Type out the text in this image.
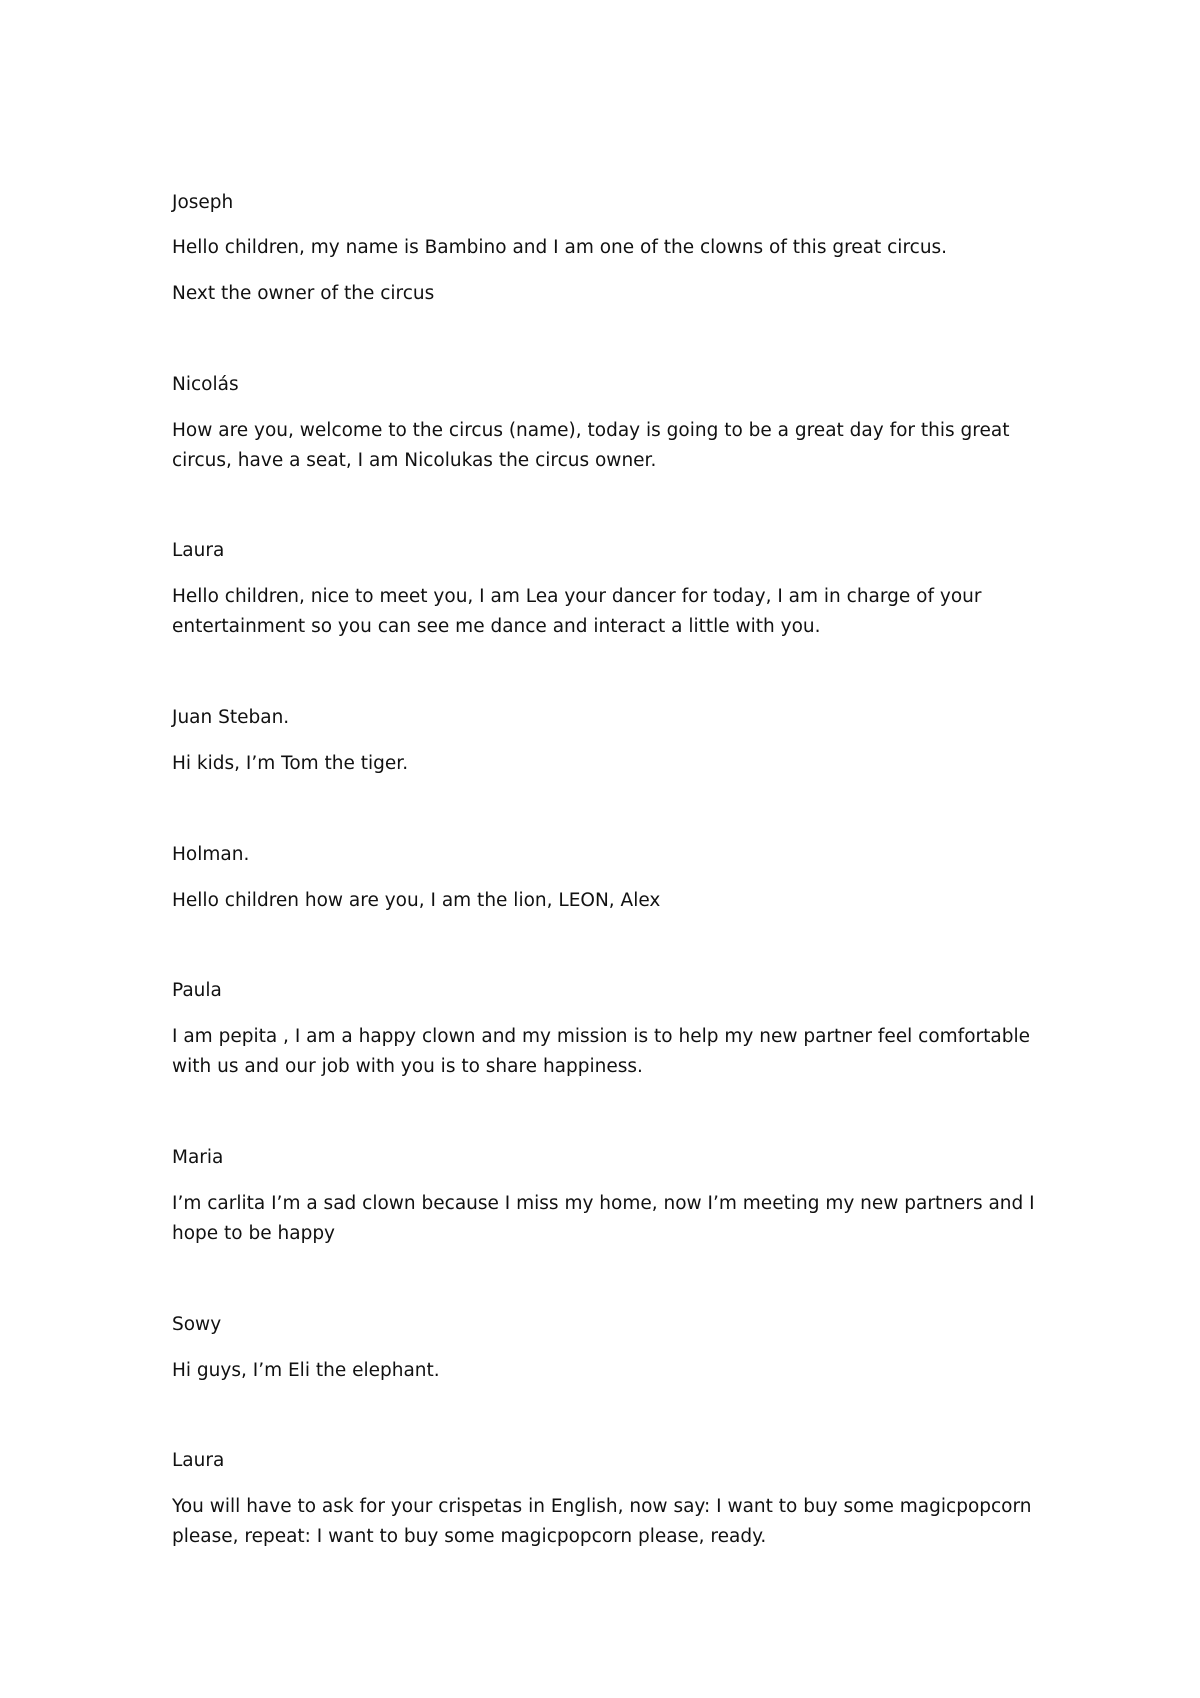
Joseph

Hello children, my name is Bambino and I am one of the clowns of this great circus.

Next the owner of the circus

Nicolás

How are you, welcome to the circus (name), today is going to be a great day for this great

circus, have a seat, I am Nicolukas the circus owner.

Laura

Hello children, nice to meet you, I am Lea your dancer for today, I am in charge of your

entertainment so you can see me dance and interact a little with you.

Juan Steban.

Hi kids, I’m Tom the tiger.

Holman.

Hello children how are you, I am the lion, LEON, Alex

Paula

I am pepita , I am a happy clown and my mission is to help my new partner feel comfortable

with us and our job with you is to share happiness.

Maria

I’m carlita I’m a sad clown because I miss my home, now I’m meeting my new partners and I

hope to be happy

Sowy

Hi guys, I’m Eli the elephant.

Laura

You will have to ask for your crispetas in English, now say: I want to buy some magicpopcorn

please, repeat: I want to buy some magicpopcorn please, ready.
